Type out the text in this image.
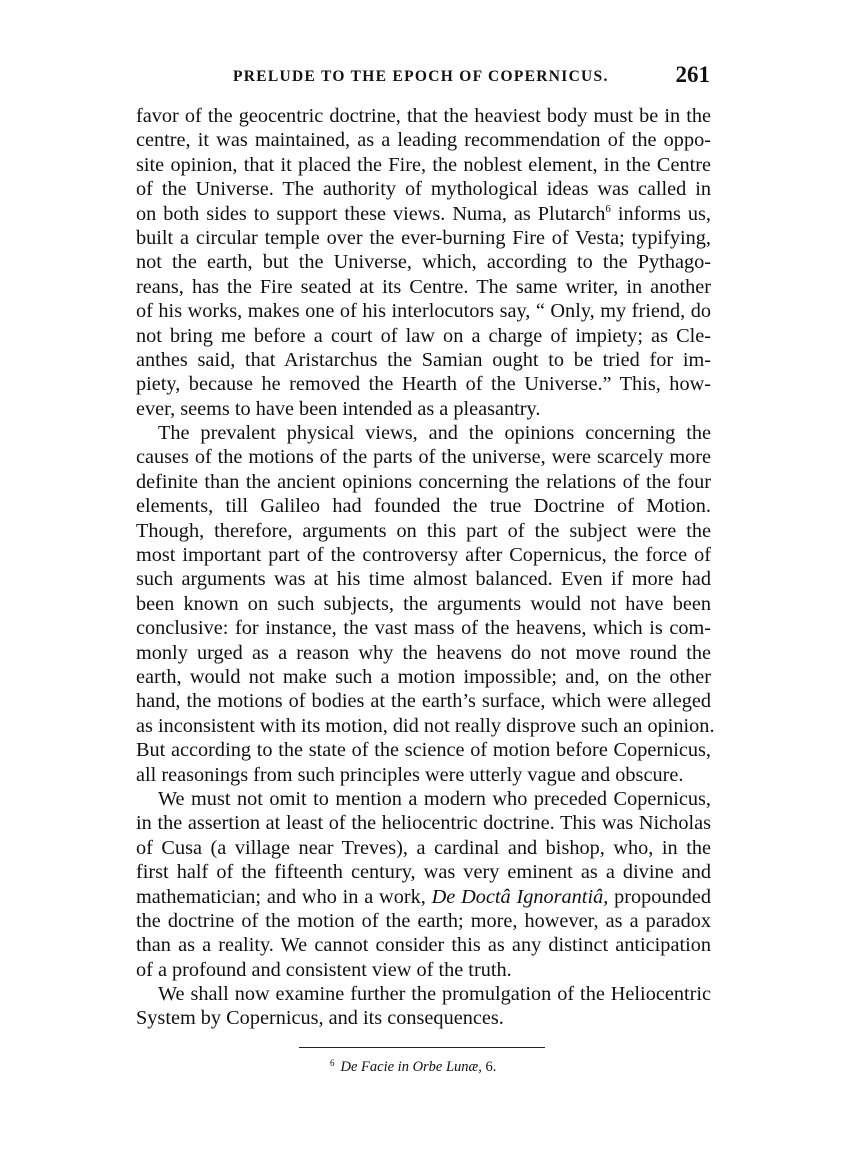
PRELUDE TO THE EPOCH OF COPERNICUS.	261

favor of the geocentric doctrine, that the heaviest body must be in the
centre, it was maintained, as a leading recommendation of the oppo-
site opinion, that it placed the Fire, the noblest element, in the Centre
of the Universe. The authority of mythological ideas was called in
on both sides to support these views. Numa, as Plutarch$^6$ informs us,
built a circular temple over the ever-burning Fire of Vesta; typifying,
not the earth, but the Universe, which, according to the Pythago-
reans, has the Fire seated at its Centre. The same writer, in another
of his works, makes one of his interlocutors say, “ Only, my friend, do
not bring me before a court of law on a charge of impiety; as Cle-
anthes said, that Aristarchus the Samian ought to be tried for im-
piety, because he removed the Hearth of the Universe.” This, how-
ever, seems to have been intended as a pleasantry.

The prevalent physical views, and the opinions concerning the
causes of the motions of the parts of the universe, were scarcely more
definite than the ancient opinions concerning the relations of the four
elements, till Galileo had founded the true Doctrine of Motion.
Though, therefore, arguments on this part of the subject were the
most important part of the controversy after Copernicus, the force of
such arguments was at his time almost balanced. Even if more had
been known on such subjects, the arguments would not have been
conclusive: for instance, the vast mass of the heavens, which is com-
monly urged as a reason why the heavens do not move round the
earth, would not make such a motion impossible; and, on the other
hand, the motions of bodies at the earth’s surface, which were alleged
as inconsistent with its motion, did not really disprove such an opinion.
But according to the state of the science of motion before Copernicus,
all reasonings from such principles were utterly vague and obscure.

We must not omit to mention a modern who preceded Copernicus,
in the assertion at least of the heliocentric doctrine. This was Nicholas
of Cusa (a village near Treves), a cardinal and bishop, who, in the
first half of the fifteenth century, was very eminent as a divine and
mathematician; and who in a work, De Doctâ Ignorantiâ, propounded
the doctrine of the motion of the earth; more, however, as a paradox
than as a reality. We cannot consider this as any distinct anticipation
of a profound and consistent view of the truth.

We shall now examine further the promulgation of the Heliocentric
System by Copernicus, and its consequences.

$^6$ De Facie in Orbe Lunæ, 6.
